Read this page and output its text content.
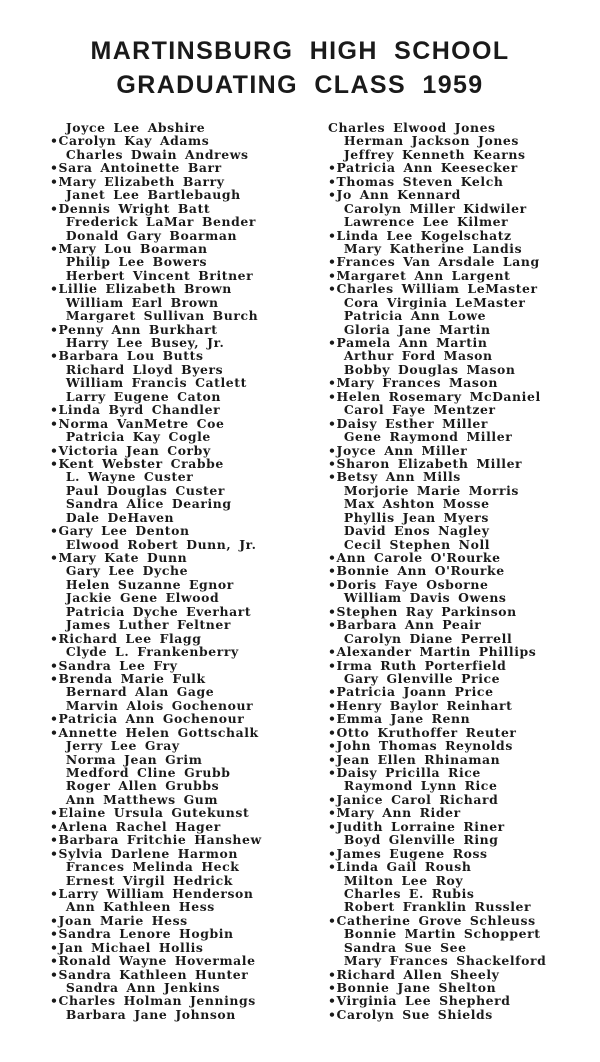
MARTINSBURG HIGH SCHOOL
GRADUATING CLASS 1959
Joyce Lee Abshire
•Carolyn Kay Adams
Charles Dwain Andrews
•Sara Antoinette Barr
•Mary Elizabeth Barry
Janet Lee Bartlebaugh
•Dennis Wright Batt
Frederick LaMar Bender
Donald Gary Boarman
•Mary Lou Boarman
Philip Lee Bowers
Herbert Vincent Britner
•Lillie Elizabeth Brown
William Earl Brown
Margaret Sullivan Burch
•Penny Ann Burkhart
Harry Lee Busey, Jr.
•Barbara Lou Butts
Richard Lloyd Byers
William Francis Catlett
Larry Eugene Caton
•Linda Byrd Chandler
•Norma VanMetre Coe
Patricia Kay Cogle
•Victoria Jean Corby
•Kent Webster Crabbe
L. Wayne Custer
Paul Douglas Custer
Sandra Alice Dearing
Dale DeHaven
•Gary Lee Denton
Elwood Robert Dunn, Jr.
•Mary Kate Dunn
Gary Lee Dyche
Helen Suzanne Egnor
Jackie Gene Elwood
Patricia Dyche Everhart
James Luther Feltner
•Richard Lee Flagg
Clyde L. Frankenberry
•Sandra Lee Fry
•Brenda Marie Fulk
Bernard Alan Gage
Marvin Alois Gochenour
•Patricia Ann Gochenour
•Annette Helen Gottschalk
Jerry Lee Gray
Norma Jean Grim
Medford Cline Grubb
Roger Allen Grubbs
Ann Matthews Gum
•Elaine Ursula Gutekunst
•Arlena Rachel Hager
•Barbara Fritchie Hanshew
•Sylvia Darlene Harmon
Frances Melinda Heck
Ernest Virgil Hedrick
•Larry William Henderson
Ann Kathleen Hess
•Joan Marie Hess
•Sandra Lenore Hogbin
•Jan Michael Hollis
•Ronald Wayne Hovermale
•Sandra Kathleen Hunter
Sandra Ann Jenkins
•Charles Holman Jennings
Barbara Jane Johnson
Charles Elwood Jones
Herman Jackson Jones
Jeffrey Kenneth Kearns
•Patricia Ann Keesecker
•Thomas Steven Kelch
•Jo Ann Kennard
Carolyn Miller Kidwiler
Lawrence Lee Kilmer
•Linda Lee Kogelschatz
Mary Katherine Landis
•Frances Van Arsdale Lang
•Margaret Ann Largent
•Charles William LeMaster
Cora Virginia LeMaster
Patricia Ann Lowe
Gloria Jane Martin
•Pamela Ann Martin
Arthur Ford Mason
Bobby Douglas Mason
•Mary Frances Mason
•Helen Rosemary McDaniel
Carol Faye Mentzer
•Daisy Esther Miller
Gene Raymond Miller
•Joyce Ann Miller
•Sharon Elizabeth Miller
•Betsy Ann Mills
Morjorie Marie Morris
Max Ashton Mosse
Phyllis Jean Myers
David Enos Nagley
Cecil Stephen Noll
•Ann Carole O'Rourke
•Bonnie Ann O'Rourke
•Doris Faye Osborne
William Davis Owens
•Stephen Ray Parkinson
•Barbara Ann Peair
Carolyn Diane Perrell
•Alexander Martin Phillips
•Irma Ruth Porterfield
Gary Glenville Price
•Patricia Joann Price
•Henry Baylor Reinhart
•Emma Jane Renn
•Otto Kruthoffer Reuter
•John Thomas Reynolds
•Jean Ellen Rhinaman
•Daisy Pricilla Rice
Raymond Lynn Rice
•Janice Carol Richard
•Mary Ann Rider
•Judith Lorraine Riner
Boyd Glenville Ring
•James Eugene Ross
•Linda Gail Roush
Milton Lee Roy
Charles E. Rubis
Robert Franklin Russler
•Catherine Grove Schleuss
Bonnie Martin Schoppert
Sandra Sue See
Mary Frances Shackelford
•Richard Allen Sheely
•Bonnie Jane Shelton
•Virginia Lee Shepherd
•Carolyn Sue Shields
